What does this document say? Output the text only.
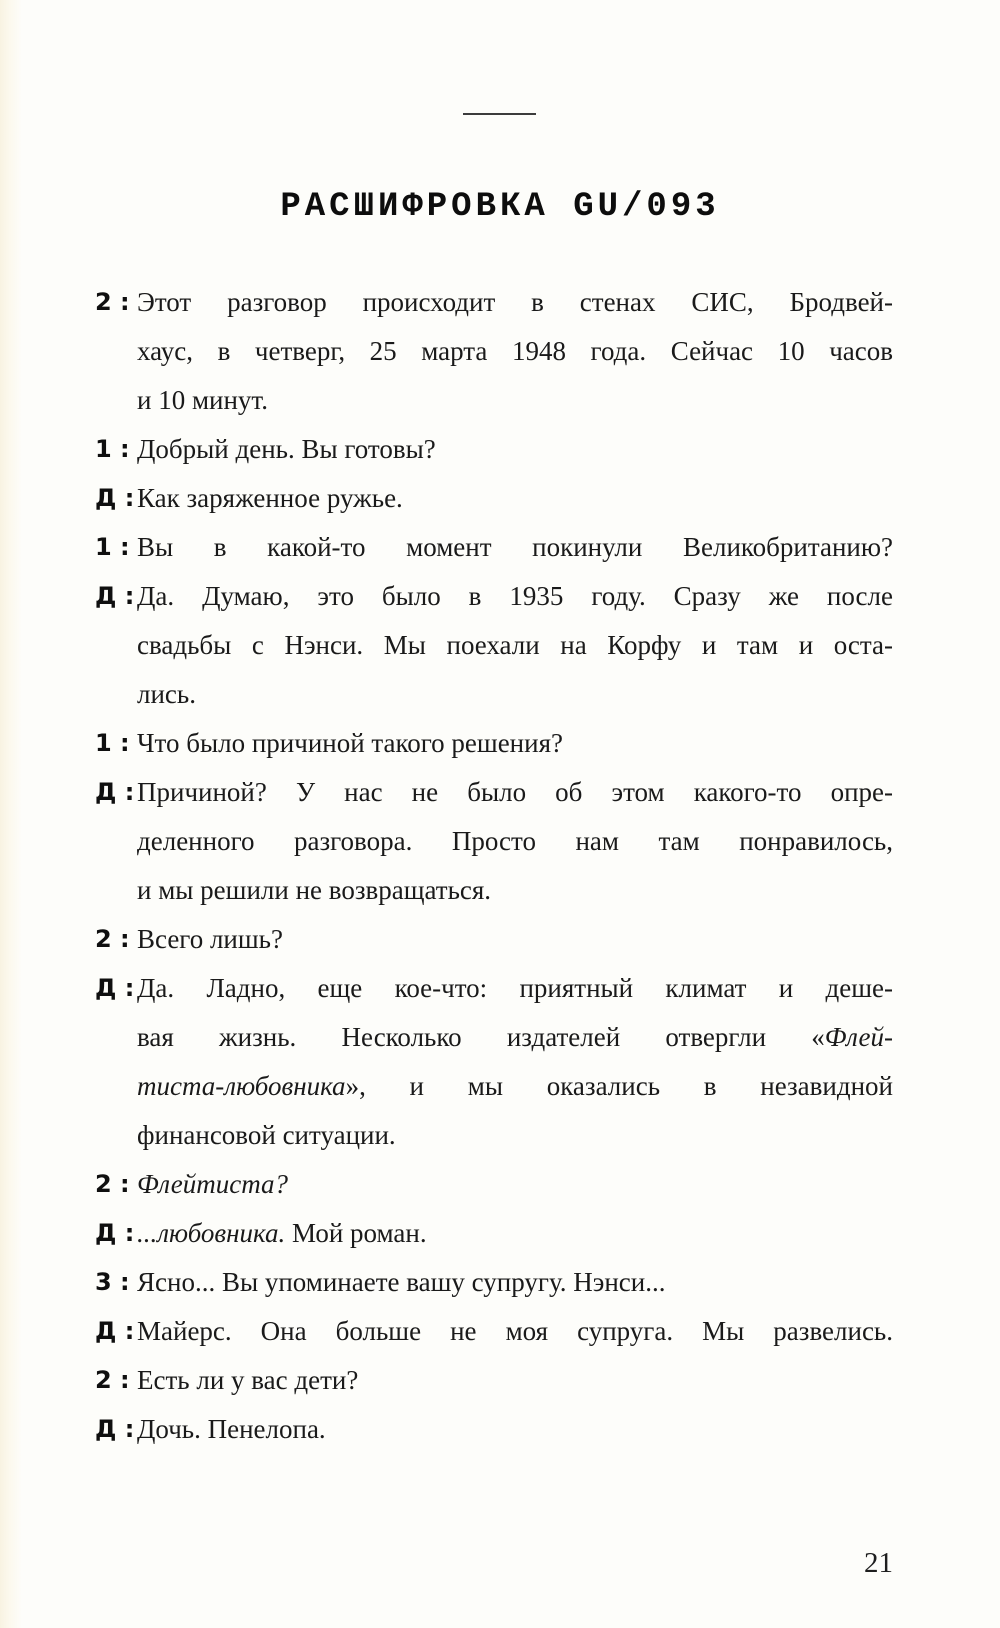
РАСШИФРОВКА GU/093
2 : Этот разговор происходит в стенах СИС, Бродвей-
хаус, в четверг, 25 марта 1948 года. Сейчас 10 часов
и 10 минут.
1 : Добрый день. Вы готовы?
Д : Как заряженное ружье.
1 : Вы в какой-то момент покинули Великобританию?
Д : Да. Думаю, это было в 1935 году. Сразу же после
свадьбы с Нэнси. Мы поехали на Корфу и там и оста-
лись.
1 : Что было причиной такого решения?
Д : Причиной? У нас не было об этом какого-то опре-
деленного разговора. Просто нам там понравилось,
и мы решили не возвращаться.
2 : Всего лишь?
Д : Да. Ладно, еще кое-что: приятный климат и деше-
вая жизнь. Несколько издателей отвергли «Флей-
тиста-любовника», и мы оказались в незавидной
финансовой ситуации.
2 : Флейтиста?
Д : ...любовника. Мой роман.
3 : Ясно... Вы упоминаете вашу супругу. Нэнси...
Д : Майерс. Она больше не моя супруга. Мы развелись.
2 : Есть ли у вас дети?
Д : Дочь. Пенелопа.
21
